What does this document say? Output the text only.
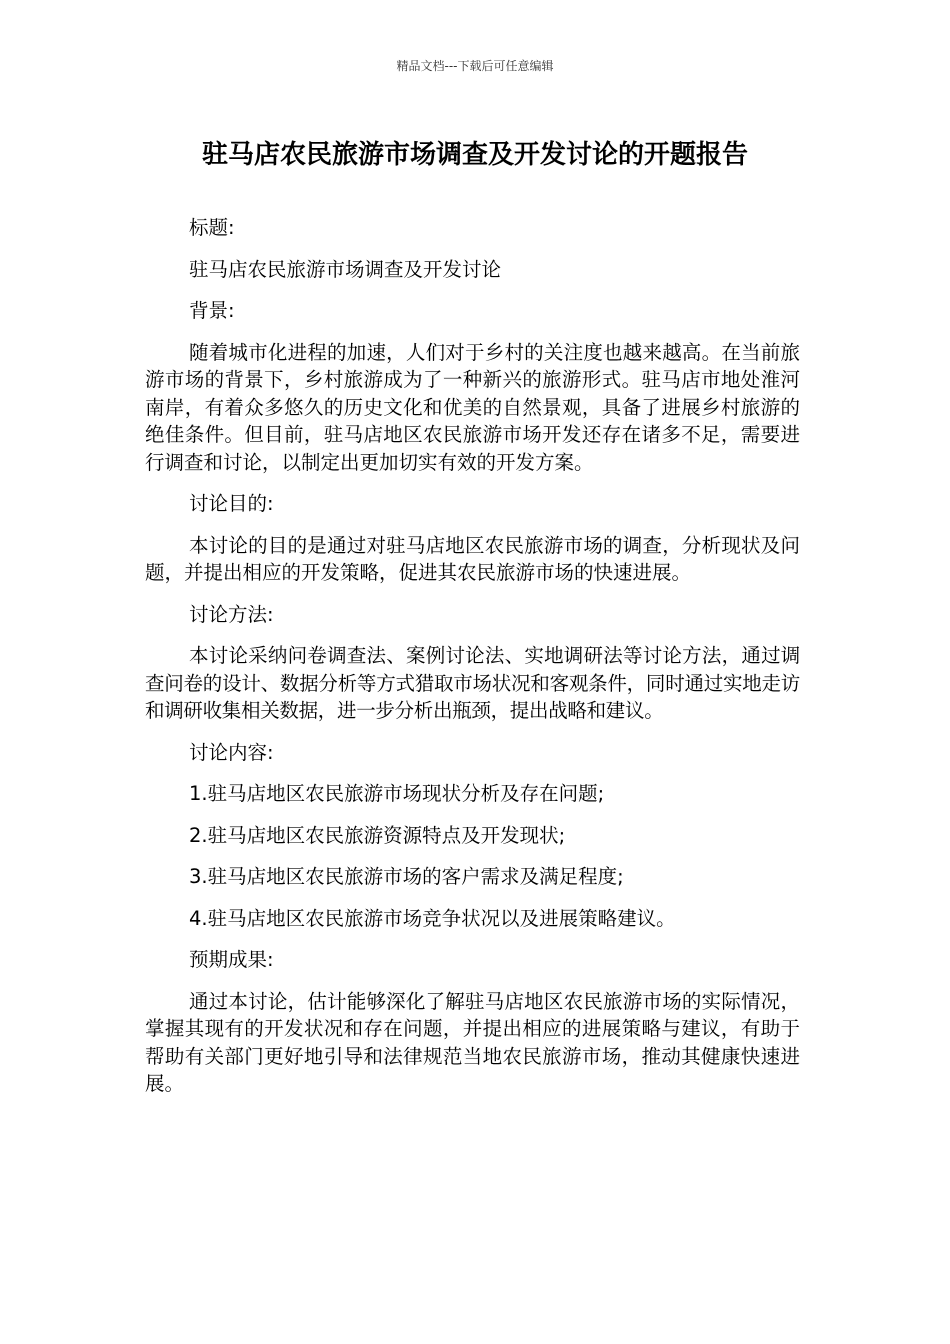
精品文档---下载后可任意编辑
驻马店农民旅游市场调查及开发讨论的开题报告

标题:

驻马店农民旅游市场调查及开发讨论

背景:

随着城市化进程的加速，人们对于乡村的关注度也越来越高。在当前旅游市场的背景下，乡村旅游成为了一种新兴的旅游形式。驻马店市地处淮河南岸，有着众多悠久的历史文化和优美的自然景观，具备了进展乡村旅游的绝佳条件。但目前，驻马店地区农民旅游市场开发还存在诸多不足，需要进行调查和讨论，以制定出更加切实有效的开发方案。

讨论目的:

本讨论的目的是通过对驻马店地区农民旅游市场的调查，分析现状及问题，并提出相应的开发策略，促进其农民旅游市场的快速进展。

讨论方法:

本讨论采纳问卷调查法、案例讨论法、实地调研法等讨论方法，通过调查问卷的设计、数据分析等方式猎取市场状况和客观条件，同时通过实地走访和调研收集相关数据，进一步分析出瓶颈，提出战略和建议。

讨论内容:

1.驻马店地区农民旅游市场现状分析及存在问题;

2.驻马店地区农民旅游资源特点及开发现状;

3.驻马店地区农民旅游市场的客户需求及满足程度;

4.驻马店地区农民旅游市场竞争状况以及进展策略建议。

预期成果:

通过本讨论，估计能够深化了解驻马店地区农民旅游市场的实际情况，掌握其现有的开发状况和存在问题，并提出相应的进展策略与建议，有助于帮助有关部门更好地引导和法律规范当地农民旅游市场，推动其健康快速进展。
